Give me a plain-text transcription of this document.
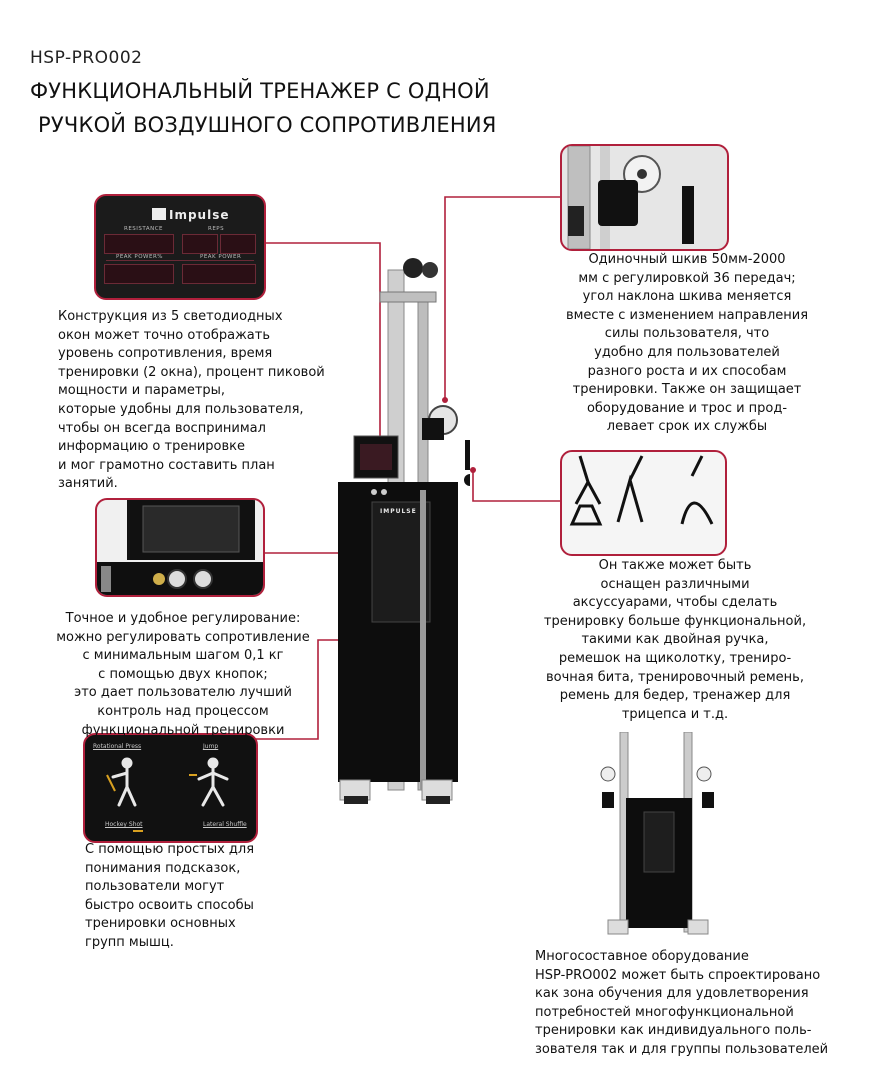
HSP-PRO002
ФУНКЦИОНАЛЬНЫЙ ТРЕНАЖЕР С ОДНОЙ
РУЧКОЙ ВОЗДУШНОГО СОПРОТИВЛЕНИЯ
IMPULSE
Impulse
RESISTANCE	REPS
PEAK POWER%	PEAK POWER
Rotational Press	Jump
Hockey Shot	Lateral Shuffle
Конструкция из 5 светодиодных
окон может точно отображать
уровень сопротивления, время
тренировки (2 окна), процент пиковой
мощности и параметры,
которые удобны для пользователя,
чтобы он всегда воспринимал
информацию о тренировке
и мог грамотно составить план
занятий.
Точное и удобное регулирование:
можно регулировать сопротивление
с минимальным шагом 0,1 кг
с помощью двух кнопок;
это дает пользователю лучший
контроль над процессом
функциональной тренировки
С помощью простых для
понимания подсказок,
пользователи могут
быстро освоить способы
тренировки основных
групп мышц.
Одиночный шкив 50мм-2000
мм с регулировкой 36 передач;
угол наклона шкива меняется
вместе с изменением направления
силы пользователя, что
удобно для пользователей
разного роста и их способам
тренировки. Также он защищает
оборудование и трос и прод-
левает срок их службы
Он также может быть
оснащен различными
аксуссуарами, чтобы сделать
тренировку больше функциональной,
такими как двойная ручка,
ремешок на щиколотку, трениро-
вочная бита, тренировочный ремень,
ремень для бедер, тренажер для
трицепса и т.д.
Многосоставное оборудование
HSP-PRO002 может быть спроектировано
как зона обучения для удовлетворения
потребностей многофункциональной
тренировки как индивидуального поль-
зователя так и для группы пользователей
